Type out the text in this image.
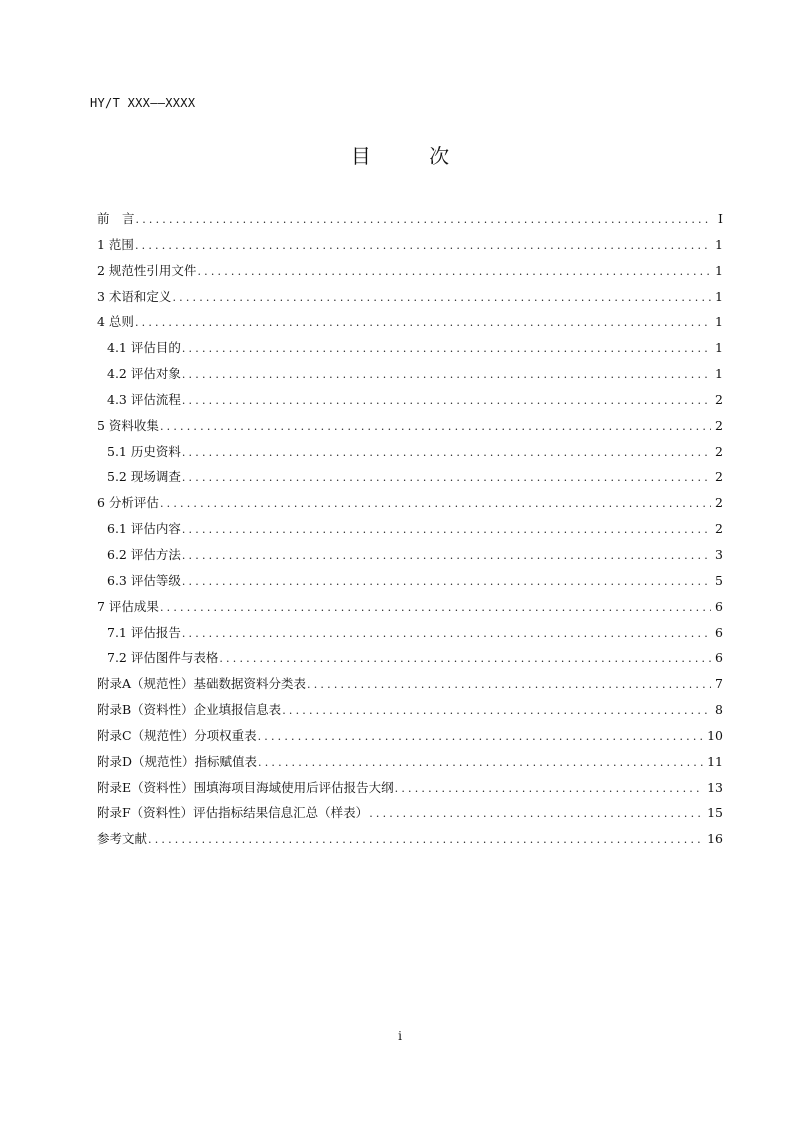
HY/T XXX——XXXX
目 次
前　言 .....	I
1 范围 .....	1
2 规范性引用文件 .....	1
3 术语和定义 .....	1
4 总则 .....	1
4.1 评估目的 .....	1
4.2 评估对象 .....	1
4.3 评估流程 .....	2
5 资料收集 .....	2
5.1 历史资料 .....	2
5.2 现场调查 .....	2
6 分析评估 .....	2
6.1 评估内容 .....	2
6.2 评估方法 .....	3
6.3 评估等级 .....	5
7 评估成果 .....	6
7.1 评估报告 .....	6
7.2 评估图件与表格 .....	6
附录A（规范性）基础数据资料分类表 .....	7
附录B（资料性）企业填报信息表 .....	8
附录C（规范性）分项权重表 .....	10
附录D（规范性）指标赋值表 .....	11
附录E（资料性）围填海项目海域使用后评估报告大纲 .....	13
附录F（资料性）评估指标结果信息汇总（样表） .....	15
参考文献 .....	16
i
